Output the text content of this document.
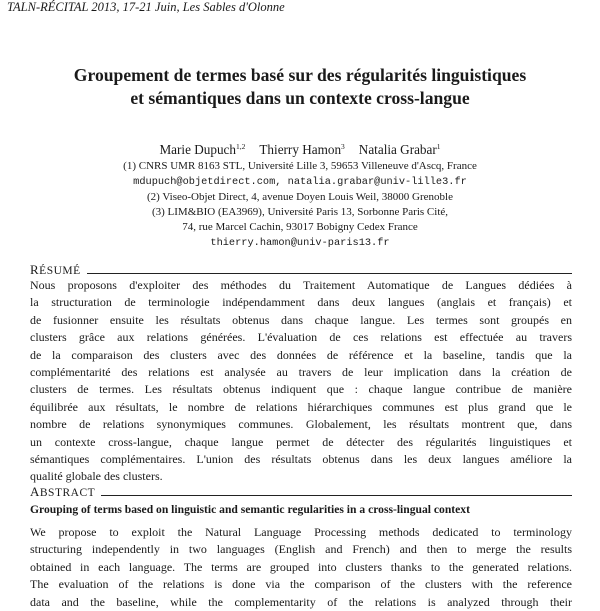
TALN-RÉCITAL 2013, 17-21 Juin, Les Sables d'Olonne
Groupement de termes basé sur des régularités linguistiques
et sémantiques dans un contexte cross-langue
Marie Dupuch$^{1,2}$ Thierry Hamon$^3$ Natalia Grabar$^1$
(1) CNRS UMR 8163 STL, Université Lille 3, 59653 Villeneuve d'Ascq, France
mdupuch@objetdirect.com, natalia.grabar@univ-lille3.fr
(2) Viseo-Objet Direct, 4, avenue Doyen Louis Weil, 38000 Grenoble
(3) LIM&BIO (EA3969), Université Paris 13, Sorbonne Paris Cité,
74, rue Marcel Cachin, 93017 Bobigny Cedex France
thierry.hamon@univ-paris13.fr
RÉSUMÉ
Nous proposons d'exploiter des méthodes du Traitement Automatique de Langues dédiées à
la structuration de terminologie indépendamment dans deux langues (anglais et français) et
de fusionner ensuite les résultats obtenus dans chaque langue. Les termes sont groupés en
clusters grâce aux relations générées. L'évaluation de ces relations est effectuée au travers
de la comparaison des clusters avec des données de référence et la baseline, tandis que la
complémentarité des relations est analysée au travers de leur implication dans la création de
clusters de termes. Les résultats obtenus indiquent que : chaque langue contribue de manière
équilibrée aux résultats, le nombre de relations hiérarchiques communes est plus grand que le
nombre de relations synonymiques communes. Globalement, les résultats montrent que, dans
un contexte cross-langue, chaque langue permet de détecter des régularités linguistiques et
sémantiques complémentaires. L'union des résultats obtenus dans les deux langues améliore la
qualité globale des clusters.
ABSTRACT
Grouping of terms based on linguistic and semantic regularities in a cross-lingual context
We propose to exploit the Natural Language Processing methods dedicated to terminology
structuring independently in two languages (English and French) and then to merge the results
obtained in each language. The terms are grouped into clusters thanks to the generated relations.
The evaluation of the relations is done via the comparison of the clusters with the reference
data and the baseline, while the complementarity of the relations is analyzed through their
